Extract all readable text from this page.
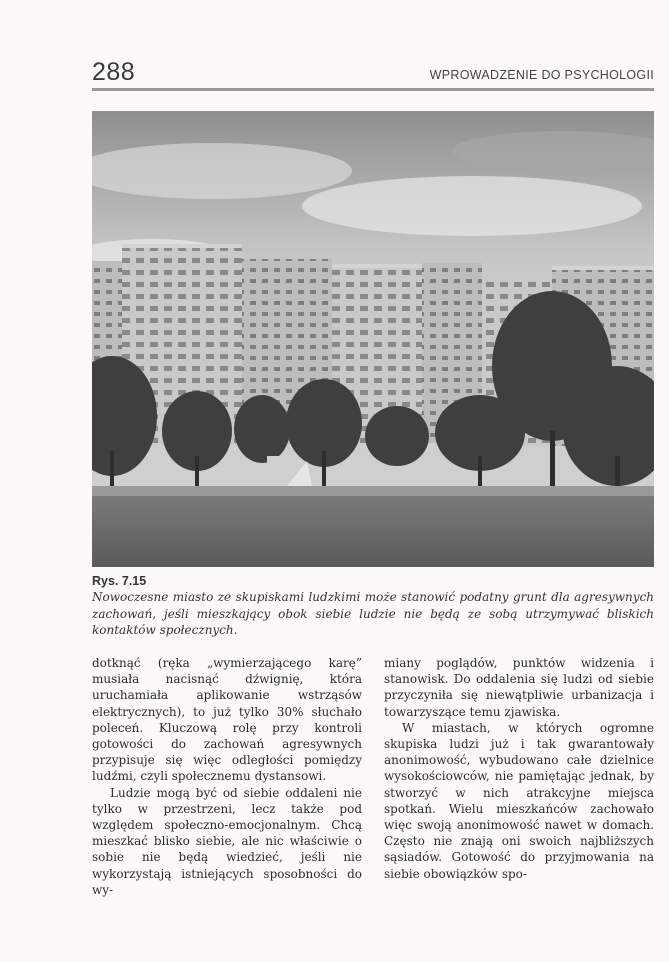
288	WPROWADZENIE DO PSYCHOLOGII
Rys. 7.15
Nowoczesne miasto ze skupiskami ludzkimi może stanowić podatny grunt dla agresywnych zachowań, jeśli mieszkający obok siebie ludzie nie będą ze sobą utrzymywać bliskich kontaktów społecznych.

dotknąć (ręka „wymierzającego karę” musiała nacisnąć dźwignię, która uruchamiała aplikowanie wstrząsów elektrycznych), to już tylko 30% słuchało poleceń. Kluczową rolę przy kontroli gotowości do zachowań agresywnych przypisuje się więc odległości pomiędzy ludźmi, czyli społecznemu dystansowi.

Ludzie mogą być od siebie oddaleni nie tylko w przestrzeni, lecz także pod względem społeczno-emocjonalnym. Chcą mieszkać blisko siebie, ale nic właściwie o sobie nie będą wiedzieć, jeśli nie wykorzystają istniejących sposobności do wy-

miany poglądów, punktów widzenia i stanowisk. Do oddalenia się ludzi od siebie przyczyniła się niewątpliwie urbanizacja i towarzyszące temu zjawiska.

W miastach, w których ogromne skupiska ludzi już i tak gwarantowały anonimowość, wybudowano całe dzielnice wysokościowców, nie pamiętając jednak, by stworzyć w nich atrakcyjne miejsca spotkań. Wielu mieszkańców zachowało więc swoją anonimowość nawet w domach. Często nie znają oni swoich najbliższych sąsiadów. Gotowość do przyjmowania na siebie obowiązków spo-
